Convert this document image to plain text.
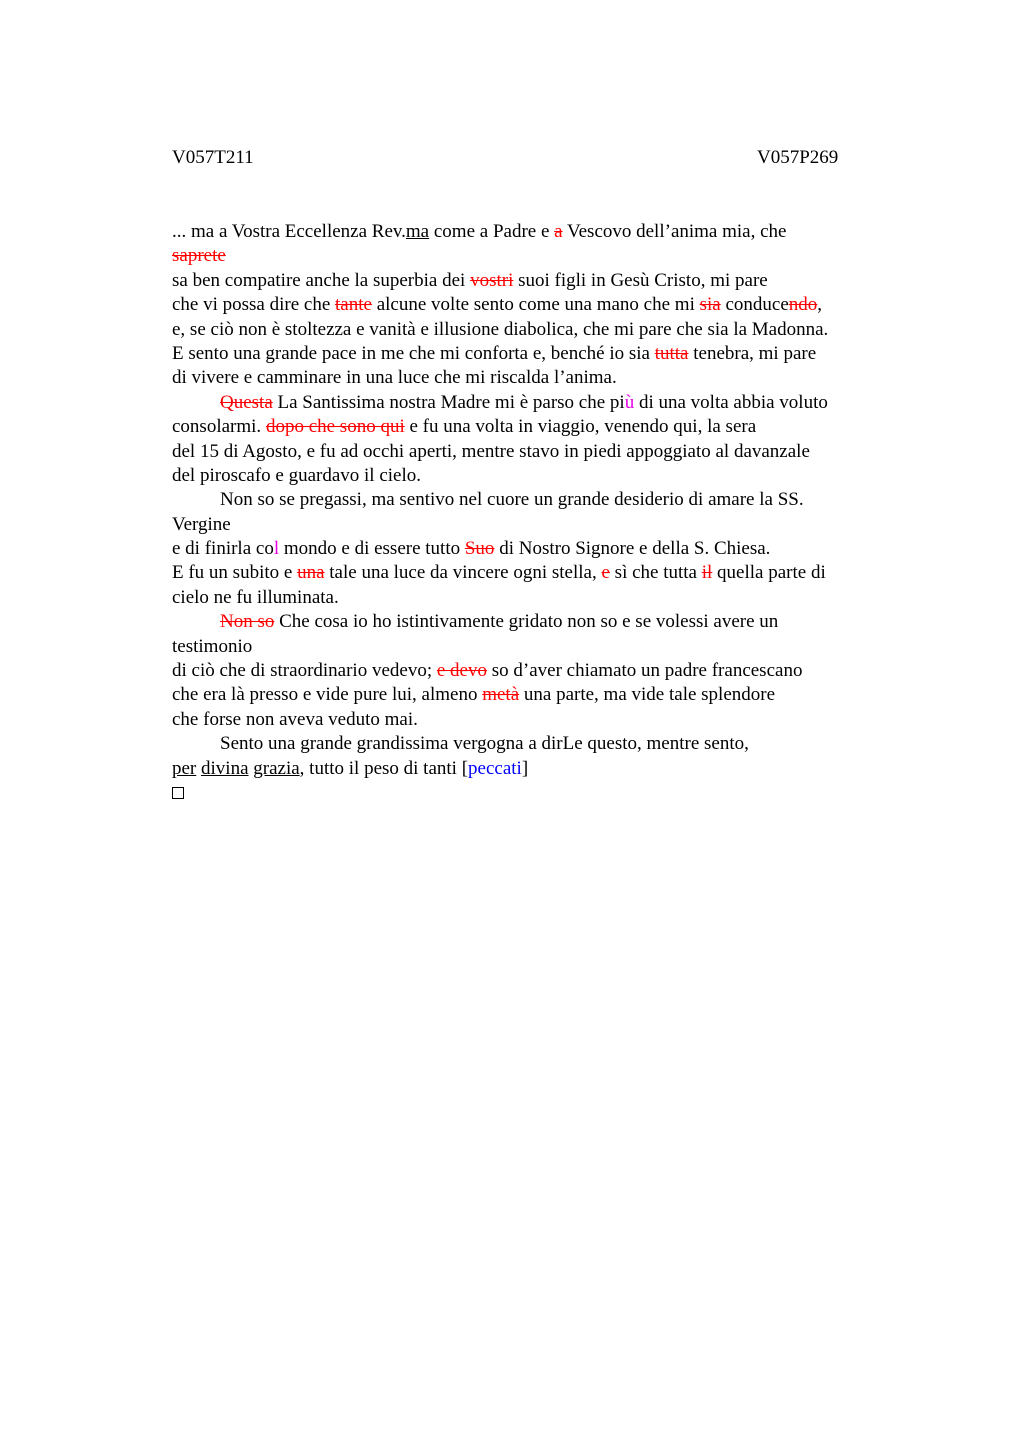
V057T211	V057P269
... ma a Vostra Eccellenza Rev.ma come a Padre e a Vescovo dell’anima mia, che
saprete
sa ben compatire anche la superbia dei vostri suoi figli in Gesù Cristo, mi pare
che vi possa dire che tante alcune volte sento come una mano che mi sia conducendo,
e, se ciò non è stoltezza e vanità e illusione diabolica, che mi pare che sia la Madonna.
E sento una grande pace in me che mi conforta e, benché io sia tutta tenebra, mi pare
di vivere e camminare in una luce che mi riscalda l’anima.
Questa La Santissima nostra Madre mi è parso che più di una volta abbia voluto
consolarmi. dopo che sono qui e fu una volta in viaggio, venendo qui, la sera
del 15 di Agosto, e fu ad occhi aperti, mentre stavo in piedi appoggiato al davanzale
del piroscafo e guardavo il cielo.
Non so se pregassi, ma sentivo nel cuore un grande desiderio di amare la SS.
Vergine
e di finirla col mondo e di essere tutto Suo di Nostro Signore e della S. Chiesa.
E fu un subito e una tale una luce da vincere ogni stella, e sì che tutta il quella parte di
cielo ne fu illuminata.
Non so Che cosa io ho istintivamente gridato non so e se volessi avere un
testimonio
di ciò che di straordinario vedevo; e devo so d’aver chiamato un padre francescano
che era là presso e vide pure lui, almeno metà una parte, ma vide tale splendore
che forse non aveva veduto mai.
Sento una grande grandissima vergogna a dirLe questo, mentre sento,
per divina grazia, tutto il peso di tanti [peccati]
